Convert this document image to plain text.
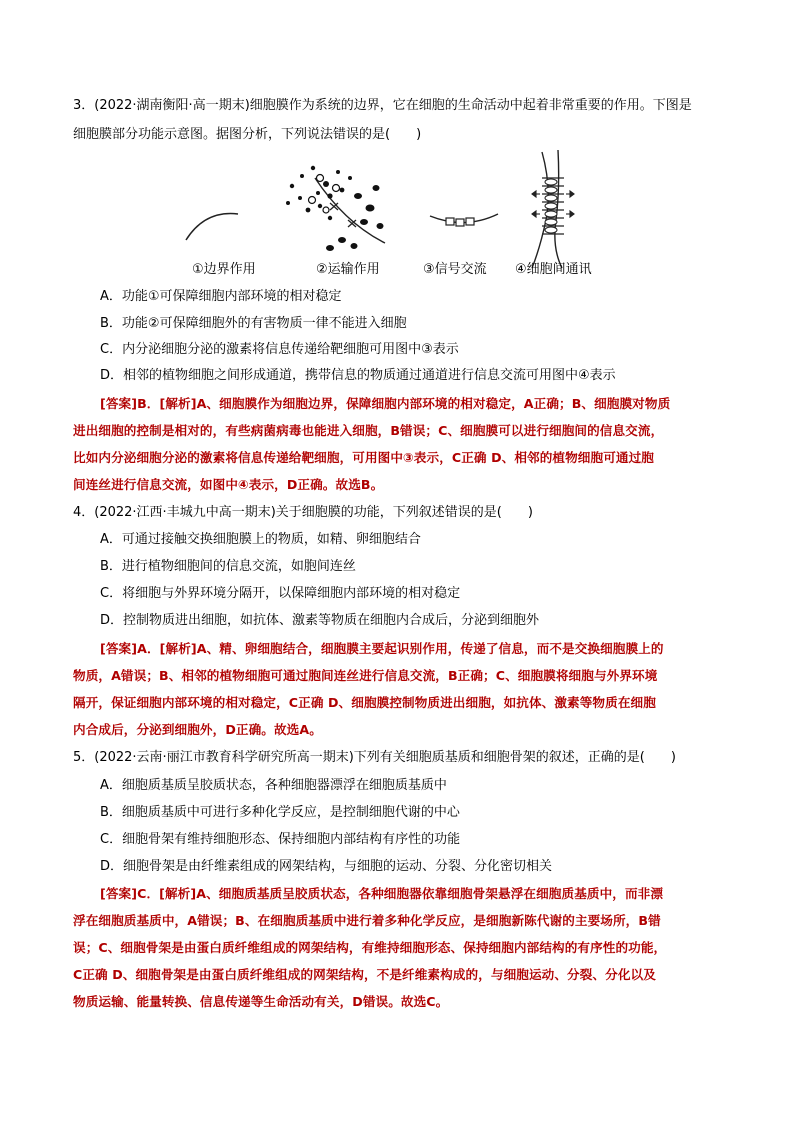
3．(2022·湖南衡阳·高一期末)细胞膜作为系统的边界，它在细胞的生命活动中起着非常重要的作用。下图是
细胞膜部分功能示意图。据图分析，下列说法错误的是(　　)
①边界作用	②运输作用	③信号交流 ④细胞间通讯
A．功能①可保障细胞内部环境的相对稳定
B．功能②可保障细胞外的有害物质一律不能进入细胞
C．内分泌细胞分泌的激素将信息传递给靶细胞可用图中③表示
D．相邻的植物细胞之间形成通道，携带信息的物质通过通道进行信息交流可用图中④表示
[答案]B．[解析]A、细胞膜作为细胞边界，保障细胞内部环境的相对稳定，A正确；B、细胞膜对物质
进出细胞的控制是相对的，有些病菌病毒也能进入细胞，B错误；C、细胞膜可以进行细胞间的信息交流，
比如内分泌细胞分泌的激素将信息传递给靶细胞，可用图中③表示，C正确 D、相邻的植物细胞可通过胞
间连丝进行信息交流，如图中④表示，D正确。故选B。
4．(2022·江西·丰城九中高一期末)关于细胞膜的功能，下列叙述错误的是(　　)
A．可通过接触交换细胞膜上的物质，如精、卵细胞结合
B．进行植物细胞间的信息交流，如胞间连丝
C．将细胞与外界环境分隔开，以保障细胞内部环境的相对稳定
D．控制物质进出细胞，如抗体、激素等物质在细胞内合成后，分泌到细胞外
[答案]A．[解析]A、精、卵细胞结合，细胞膜主要起识别作用，传递了信息，而不是交换细胞膜上的
物质，A错误；B、相邻的植物细胞可通过胞间连丝进行信息交流，B正确；C、细胞膜将细胞与外界环境
隔开，保证细胞内部环境的相对稳定，C正确 D、细胞膜控制物质进出细胞，如抗体、激素等物质在细胞
内合成后，分泌到细胞外，D正确。故选A。
5．(2022·云南·丽江市教育科学研究所高一期末)下列有关细胞质基质和细胞骨架的叙述，正确的是(　　)
A．细胞质基质呈胶质状态，各种细胞器漂浮在细胞质基质中
B．细胞质基质中可进行多种化学反应，是控制细胞代谢的中心
C．细胞骨架有维持细胞形态、保持细胞内部结构有序性的功能
D．细胞骨架是由纤维素组成的网架结构，与细胞的运动、分裂、分化密切相关
[答案]C．[解析]A、细胞质基质呈胶质状态，各种细胞器依靠细胞骨架悬浮在细胞质基质中，而非漂
浮在细胞质基质中，A错误；B、在细胞质基质中进行着多种化学反应，是细胞新陈代谢的主要场所，B错
误；C、细胞骨架是由蛋白质纤维组成的网架结构，有维持细胞形态、保持细胞内部结构的有序性的功能，
C正确 D、细胞骨架是由蛋白质纤维组成的网架结构，不是纤维素构成的，与细胞运动、分裂、分化以及
物质运输、能量转换、信息传递等生命活动有关，D错误。故选C。
